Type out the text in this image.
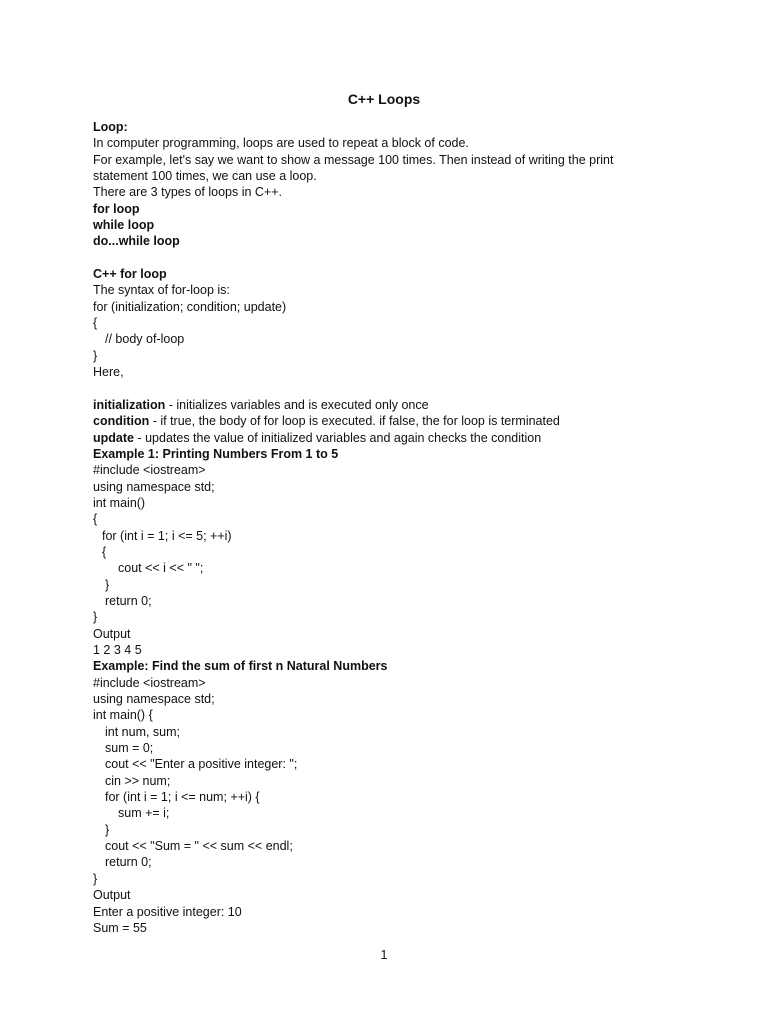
C++ Loops
Loop:
In computer programming, loops are used to repeat a block of code.
For example, let's say we want to show a message 100 times. Then instead of writing the print
statement 100 times, we can use a loop.
There are 3 types of loops in C++.
for loop
while loop
do...while loop
C++ for loop
The syntax of for-loop is:
for (initialization; condition; update)
{
// body of-loop
}
Here,
initialization - initializes variables and is executed only once
condition - if true, the body of for loop is executed. if false, the for loop is terminated
update - updates the value of initialized variables and again checks the condition
Example 1: Printing Numbers From 1 to 5
#include <iostream>
using namespace std;
int main()
{
for (int i = 1; i <= 5; ++i)
{
cout << i << " ";
}
return 0;
}
Output
1 2 3 4 5
Example: Find the sum of first n Natural Numbers
#include <iostream>
using namespace std;
int main() {
int num, sum;
sum = 0;
cout << "Enter a positive integer: ";
cin >> num;
for (int i = 1; i <= num; ++i) {
sum += i;
}
cout << "Sum = " << sum << endl;
return 0;
}
Output
Enter a positive integer: 10
Sum = 55
1
